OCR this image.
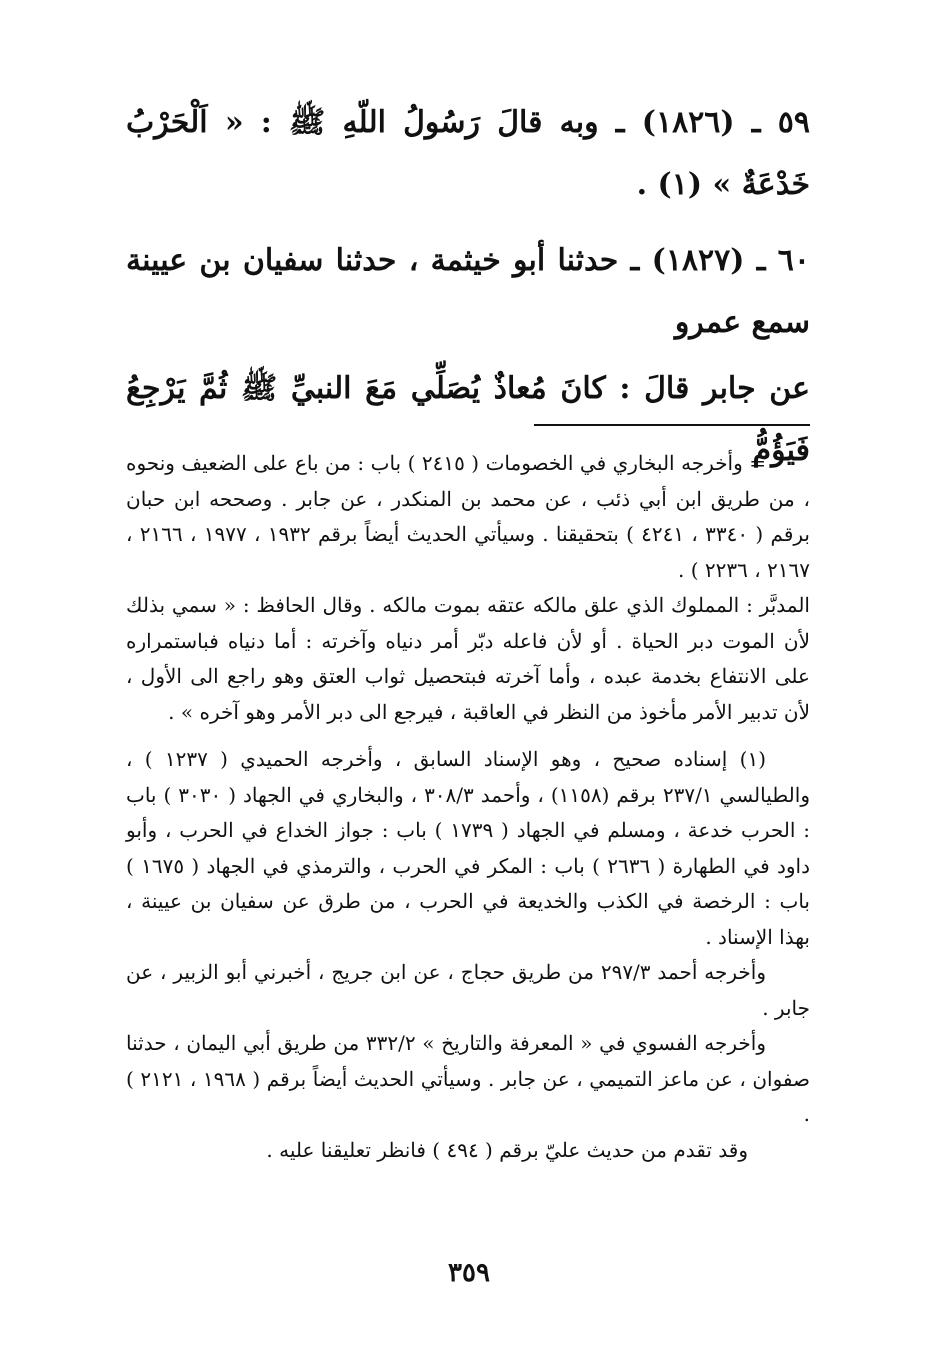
٥٩ ـ (١٨٢٦) ـ وبه قالَ رَسُولُ اللّهِ ﷺ : « اَلْحَرْبُ خَدْعَةٌ » (١) .

٦٠ ـ (١٨٢٧) ـ حدثنا أبو خيثمة ، حدثنا سفيان بن عيينة سمع عمرو

عن جابر قالَ : كانَ مُعاذٌ يُصَلِّي مَعَ النبيِّ ﷺ ثُمَّ يَرْجِعُ فَيَؤُمُّ

= وأخرجه البخاري في الخصومات ( ٢٤١٥ ) باب : من باع على الضعيف ونحوه ، من طريق ابن أبي ذئب ، عن محمد بن المنكدر ، عن جابر . وصححه ابن حبان برقم ( ٣٣٤٠ ، ٤٢٤١ ) بتحقيقنا . وسيأتي الحديث أيضاً برقم ١٩٣٢ ، ١٩٧٧ ، ٢١٦٦ ، ٢١٦٧ ، ٢٢٣٦ ) .

المدبَّر : المملوك الذي علق مالكه عتقه بموت مالكه . وقال الحافظ : « سمي بذلك لأن الموت دبر الحياة . أو لأن فاعله دبّر أمر دنياه وآخرته : أما دنياه فباستمراره على الانتفاع بخدمة عبده ، وأما آخرته فبتحصيل ثواب العتق وهو راجع الى الأول ، لأن تدبير الأمر مأخوذ من النظر في العاقبة ، فيرجع الى دبر الأمر وهو آخره » .

(١) إسناده صحيح ، وهو الإسناد السابق ، وأخرجه الحميدي ( ١٢٣٧ ) ، والطيالسي ٢٣٧/١ برقم (١١٥٨) ، وأحمد ٣٠٨/٣ ، والبخاري في الجهاد ( ٣٠٣٠ ) باب : الحرب خدعة ، ومسلم في الجهاد ( ١٧٣٩ ) باب : جواز الخداع في الحرب ، وأبو داود في الطهارة ( ٢٦٣٦ ) باب : المكر في الحرب ، والترمذي في الجهاد ( ١٦٧٥ ) باب : الرخصة في الكذب والخديعة في الحرب ، من طرق عن سفيان بن عيينة ، بهذا الإسناد .

وأخرجه أحمد ٢٩٧/٣ من طريق حجاج ، عن ابن جريج ، أخبرني أبو الزبير ، عن جابر .

وأخرجه الفسوي في « المعرفة والتاريخ » ٣٣٢/٢ من طريق أبي اليمان ، حدثنا صفوان ، عن ماعز التميمي ، عن جابر . وسيأتي الحديث أيضاً برقم ( ١٩٦٨ ، ٢١٢١ ) .

وقد تقدم من حديث عليّ برقم ( ٤٩٤ ) فانظر تعليقنا عليه .

٣٥٩
